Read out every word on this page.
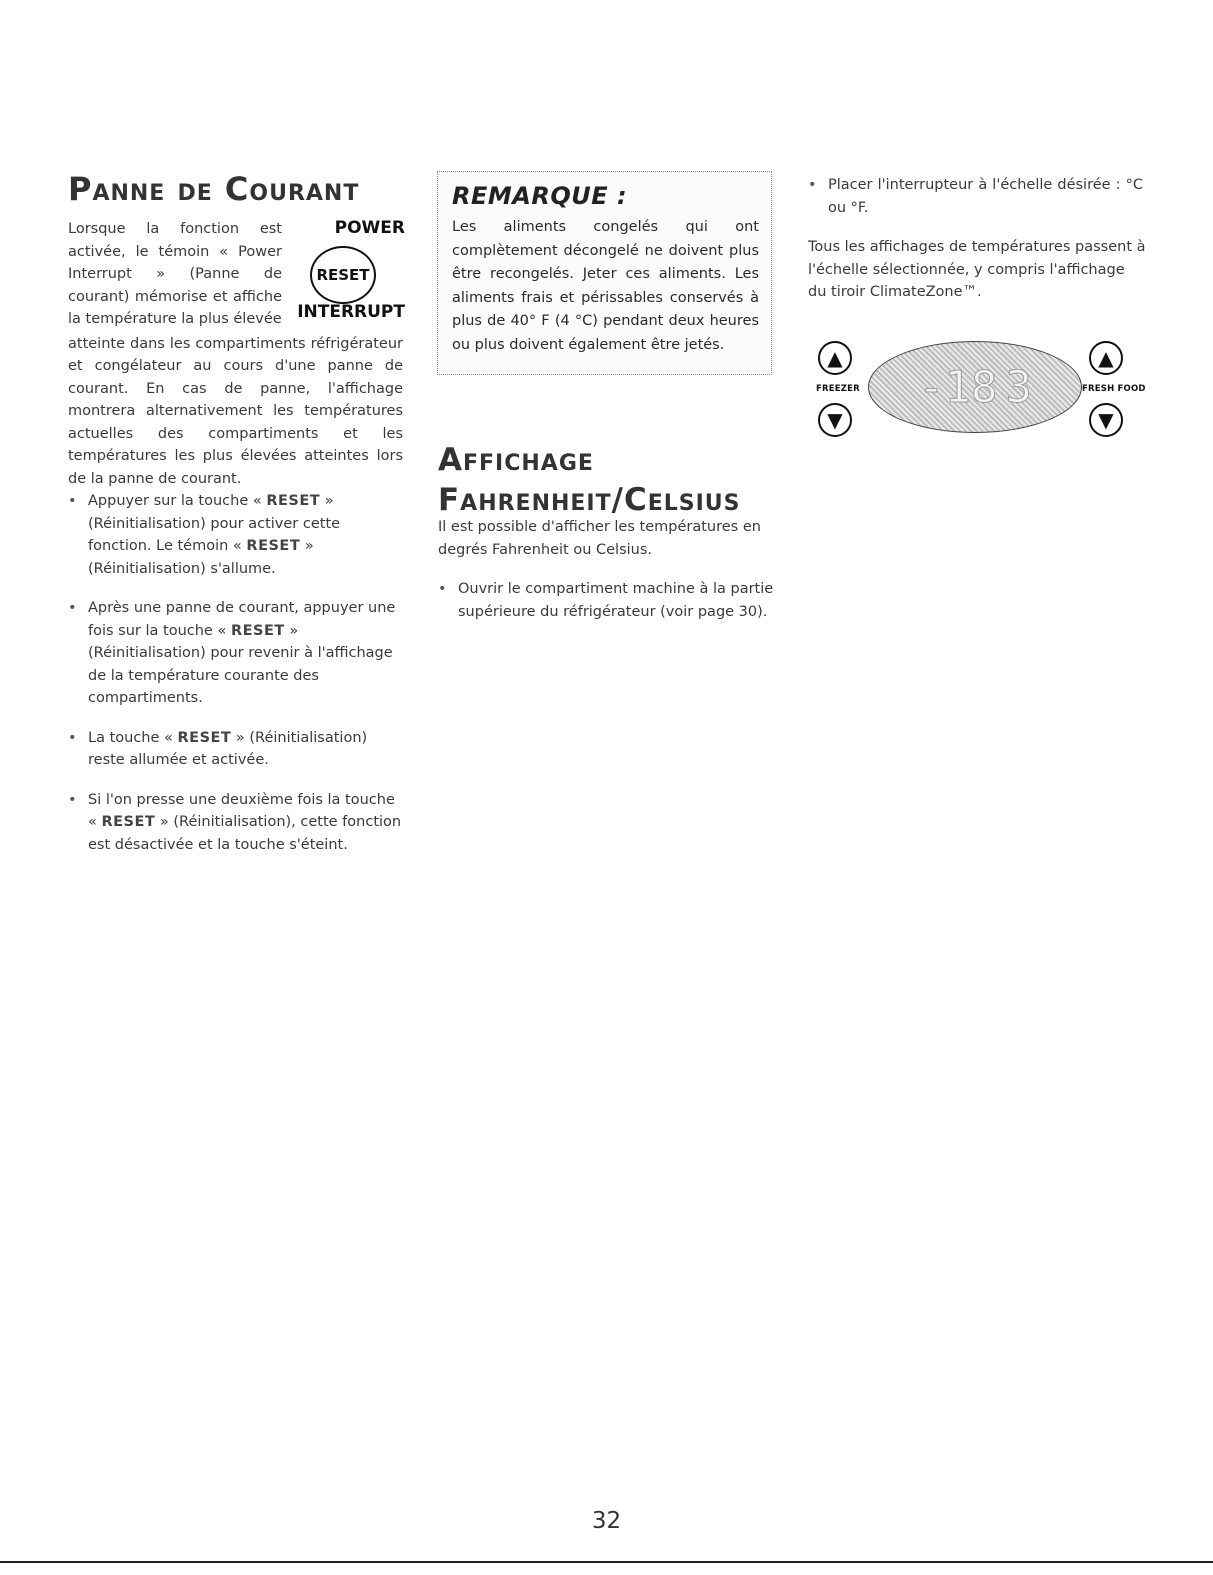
Panne de Courant
Lorsque la fonction est activée, le témoin « Power Interrupt » (Panne de courant) mémorise et affiche la température la plus élevée
atteinte dans les compartiments réfrigérateur et congélateur au cours d'une panne de courant. En cas de panne, l'affichage montrera alternativement les températures actuelles des compartiments et les températures les plus élevées atteintes lors de la panne de courant.
POWER
RESET
INTERRUPT
• Appuyer sur la touche « RESET » (Réinitialisation) pour activer cette fonction. Le témoin « RESET » (Réinitialisation) s'allume.
• Après une panne de courant, appuyer une fois sur la touche « RESET » (Réinitialisation) pour revenir à l'affichage de la température courante des compartiments.
• La touche « RESET » (Réinitialisation) reste allumée et activée.
• Si l'on presse une deuxième fois la touche « RESET » (Réinitialisation), cette fonction est désactivée et la touche s'éteint.

REMARQUE :

Les aliments congelés qui ont complètement décongelé ne doivent plus être recongelés. Jeter ces aliments. Les aliments frais et périssables conservés à plus de 40° F (4 °C) pendant deux heures ou plus doivent également être jetés.

Affichage
Fahrenheit/Celsius
Il est possible d'afficher les températures en degrés Fahrenheit ou Celsius.
• Ouvrir le compartiment machine à la partie supérieure du réfrigérateur (voir page 30).
• Placer l'interrupteur à l'échelle désirée : °C ou °F.
Tous les affichages de températures passent à l'échelle sélectionnée, y compris l'affichage du tiroir ClimateZone™.
▲
FREEZER
▼
-18 3
▲
FRESH FOOD
▼
32
